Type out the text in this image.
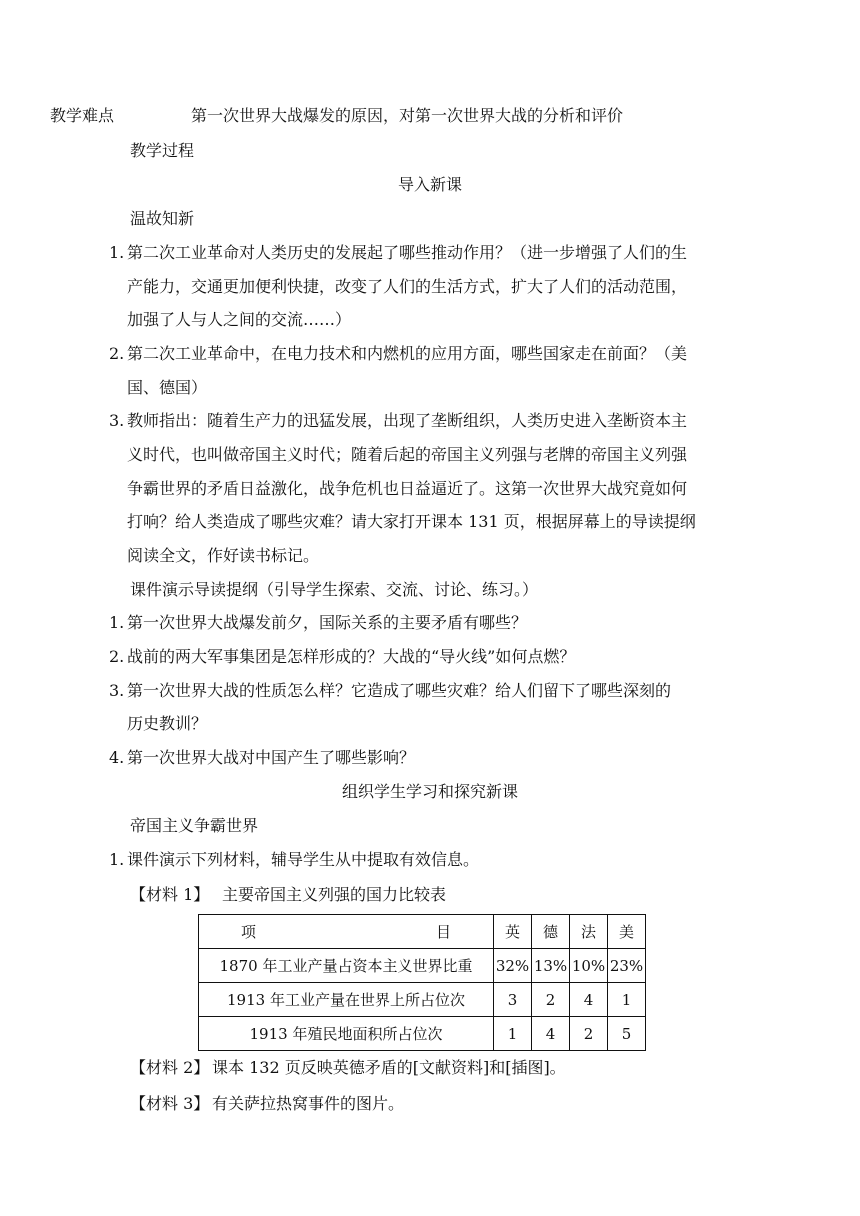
教学难点	第一次世界大战爆发的原因，对第一次世界大战的分析和评价
教学过程
导入新课
温故知新
1. 第二次工业革命对人类历史的发展起了哪些推动作用？（进一步增强了人们的生
产能力，交通更加便利快捷，改变了人们的生活方式，扩大了人们的活动范围，
加强了人与人之间的交流……）
2. 第二次工业革命中，在电力技术和内燃机的应用方面，哪些国家走在前面？（美
国、德国）
3. 教师指出：随着生产力的迅猛发展，出现了垄断组织，人类历史进入垄断资本主
义时代，也叫做帝国主义时代；随着后起的帝国主义列强与老牌的帝国主义列强
争霸世界的矛盾日益激化，战争危机也日益逼近了。这第一次世界大战究竟如何
打响？给人类造成了哪些灾难？请大家打开课本 131 页，根据屏幕上的导读提纲
阅读全文，作好读书标记。
课件演示导读提纲（引导学生探索、交流、讨论、练习。）
1. 第一次世界大战爆发前夕，国际关系的主要矛盾有哪些？
2. 战前的两大军事集团是怎样形成的？大战的“导火线”如何点燃？
3. 第一次世界大战的性质怎么样？它造成了哪些灾难？给人们留下了哪些深刻的
历史教训？
4. 第一次世界大战对中国产生了哪些影响？
组织学生学习和探究新课
帝国主义争霸世界
1. 课件演示下列材料，辅导学生从中提取有效信息。
【材料 1】 主要帝国主义列强的国力比较表
项 目	英	德	法	美
1870 年工业产量占资本主义世界比重	32%	13%	10%	23%
1913 年工业产量在世界上所占位次	3	2	4	1
1913 年殖民地面积所占位次	1	4	2	5
【材料 2】 课本 132 页反映英德矛盾的[文献资料]和[插图]。
【材料 3】 有关萨拉热窝事件的图片。
